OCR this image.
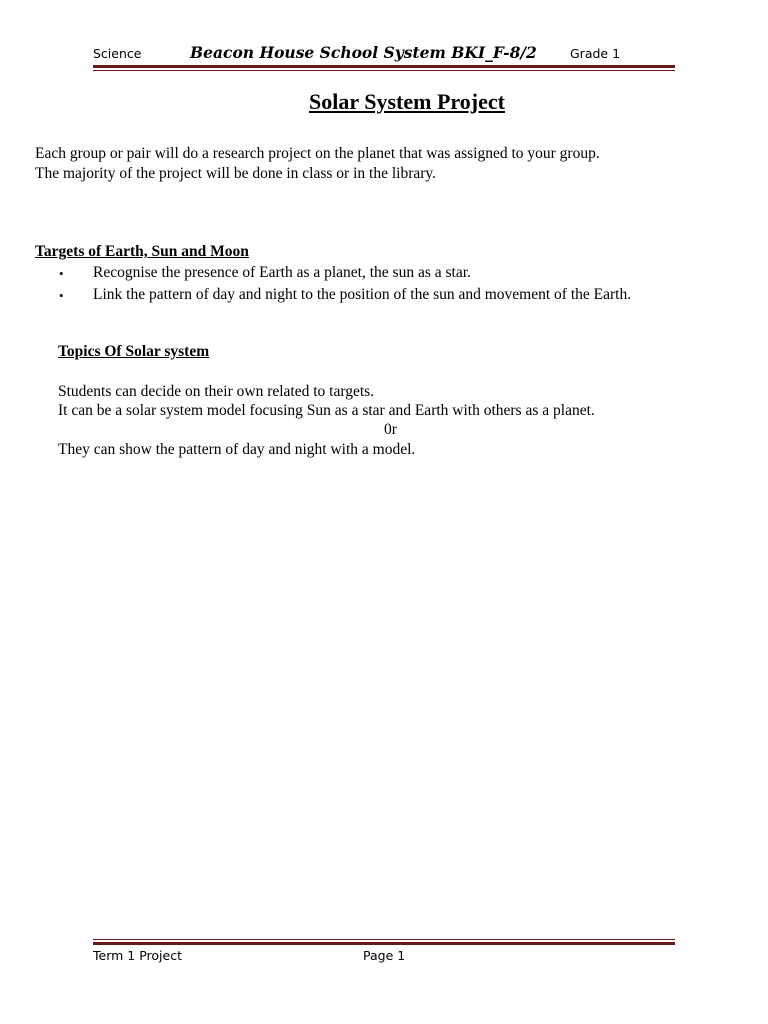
Science	Beacon House School System BKI_F-8/2	Grade 1
Solar System Project
Each group or pair will do a research project on the planet that was assigned to your group.
The majority of the project will be done in class or in the library.
Targets of Earth, Sun and Moon
• Recognise the presence of Earth as a planet, the sun as a star.
• Link the pattern of day and night to the position of the sun and movement of the Earth.
Topics Of Solar system
Students can decide on their own related to targets.
It can be a solar system model focusing Sun as a star and Earth with others as a planet.
0r
They can show the pattern of day and night with a model.
Term 1 Project	Page 1
